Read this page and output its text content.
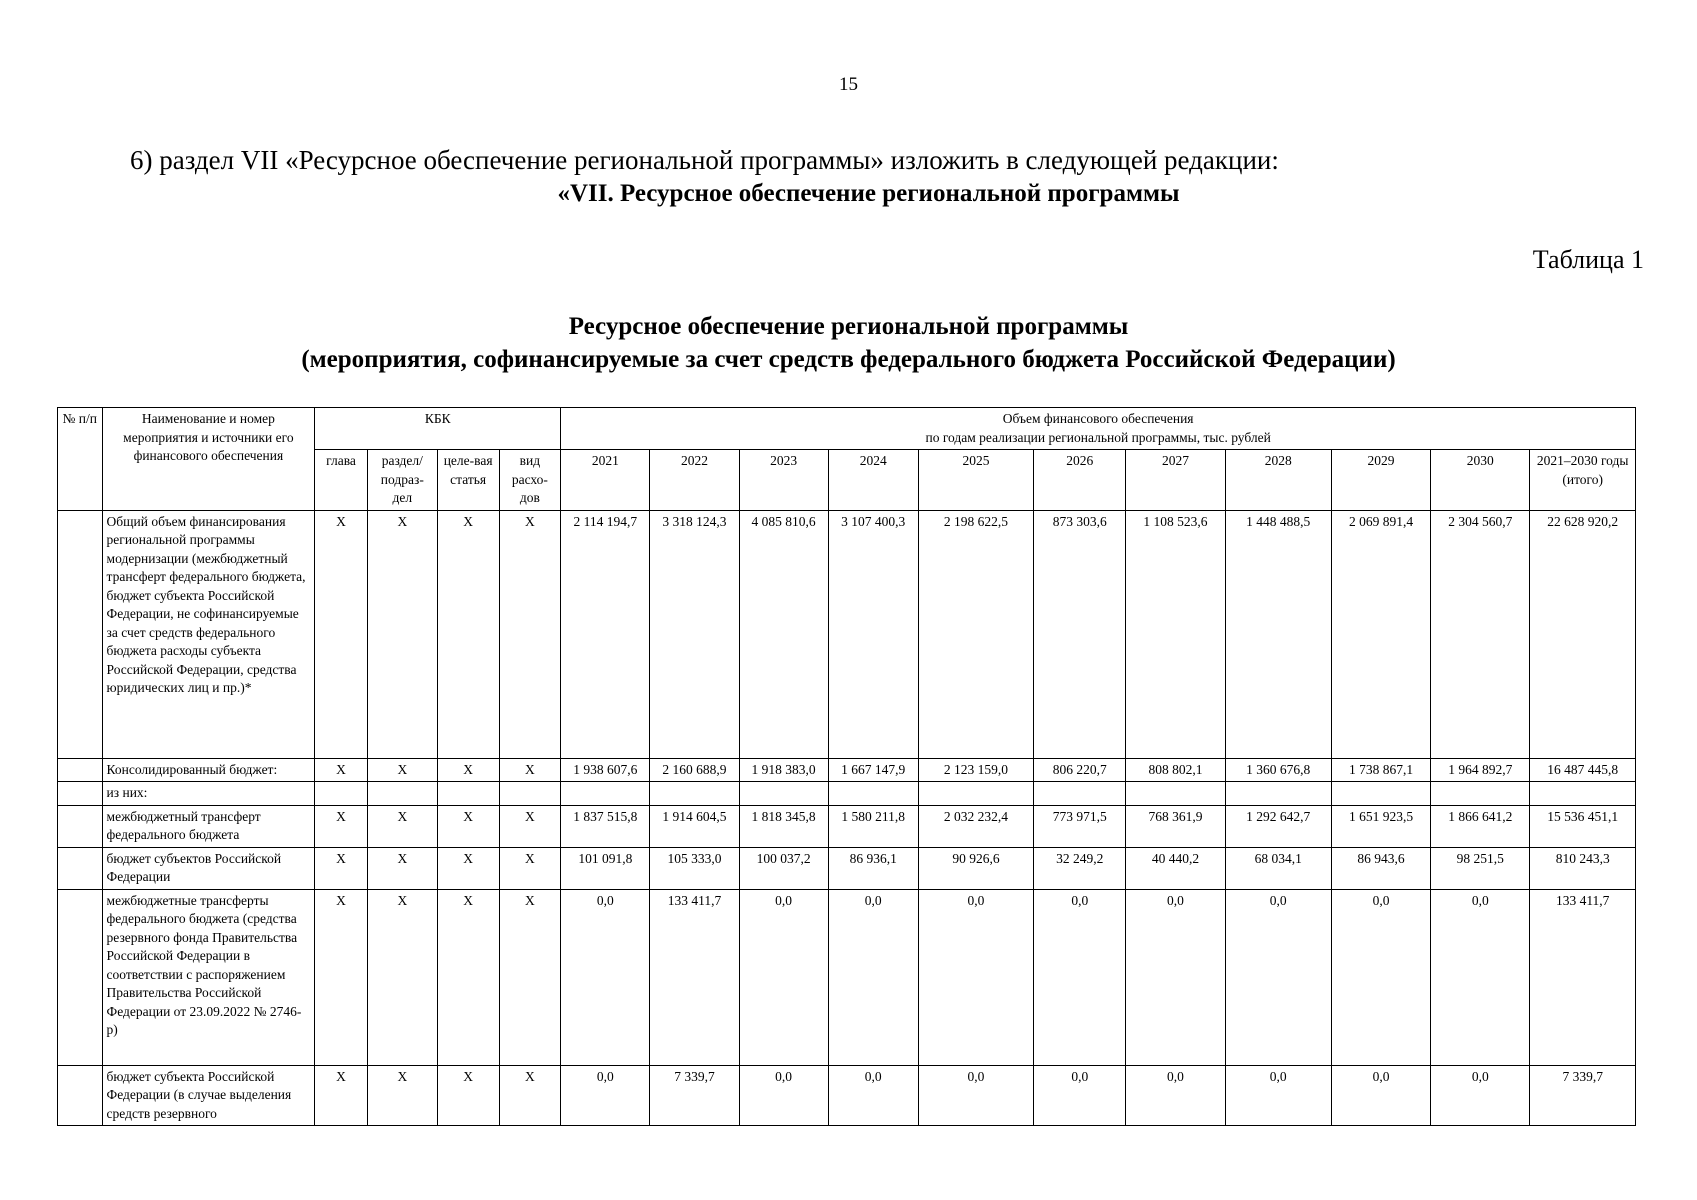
15
6) раздел VII «Ресурсное обеспечение региональной программы» изложить в следующей редакции:
«VII. Ресурсное обеспечение региональной программы
Таблица 1
Ресурсное обеспечение региональной программы
(мероприятия, софинансируемые за счет средств федерального бюджета Российской Федерации)
№ п/п	Наименование и номер мероприятия и источники его финансового обеспечения	КБК				Объем финансового обеспечения
по годам реализации региональной программы, тыс. рублей										

		глава	раздел/ подраз-дел	целе-вая статья	вид расхо-дов	2021	2022	2023	2024	2025	2026	2027	2028	2029	2030	2021–2030 годы (итого)
	Общий объем финансирования региональной программы модернизации (межбюджетный трансферт федерального бюджета, бюджет субъекта Российской Федерации, не софинансируемые за счет средств федерального бюджета расходы субъекта Российской Федерации, средства юридических лиц и пр.)*	Х	Х	Х	Х	2 114 194,7	3 318 124,3	4 085 810,6	3 107 400,3	2 198 622,5	873 303,6	1 108 523,6	1 448 488,5	2 069 891,4	2 304 560,7	22 628 920,2
	Консолидированный бюджет:	Х	Х	Х	Х	1 938 607,6	2 160 688,9	1 918 383,0	1 667 147,9	2 123 159,0	806 220,7	808 802,1	1 360 676,8	1 738 867,1	1 964 892,7	16 487 445,8
	из них:															
	межбюджетный трансферт федерального бюджета	Х	Х	Х	Х	1 837 515,8	1 914 604,5	1 818 345,8	1 580 211,8	2 032 232,4	773 971,5	768 361,9	1 292 642,7	1 651 923,5	1 866 641,2	15 536 451,1
	бюджет субъектов Российской Федерации	Х	Х	Х	Х	101 091,8	105 333,0	100 037,2	86 936,1	90 926,6	32 249,2	40 440,2	68 034,1	86 943,6	98 251,5	810 243,3
	межбюджетные трансферты федерального бюджета (средства резервного фонда Правительства Российской Федерации в соответствии с распоряжением Правительства Российской Федерации от 23.09.2022 № 2746-р)	Х	Х	Х	Х	0,0	133 411,7	0,0	0,0	0,0	0,0	0,0	0,0	0,0	0,0	133 411,7
	бюджет субъекта Российской Федерации (в случае выделения средств резервного	Х	Х	Х	Х	0,0	7 339,7	0,0	0,0	0,0	0,0	0,0	0,0	0,0	0,0	7 339,7
